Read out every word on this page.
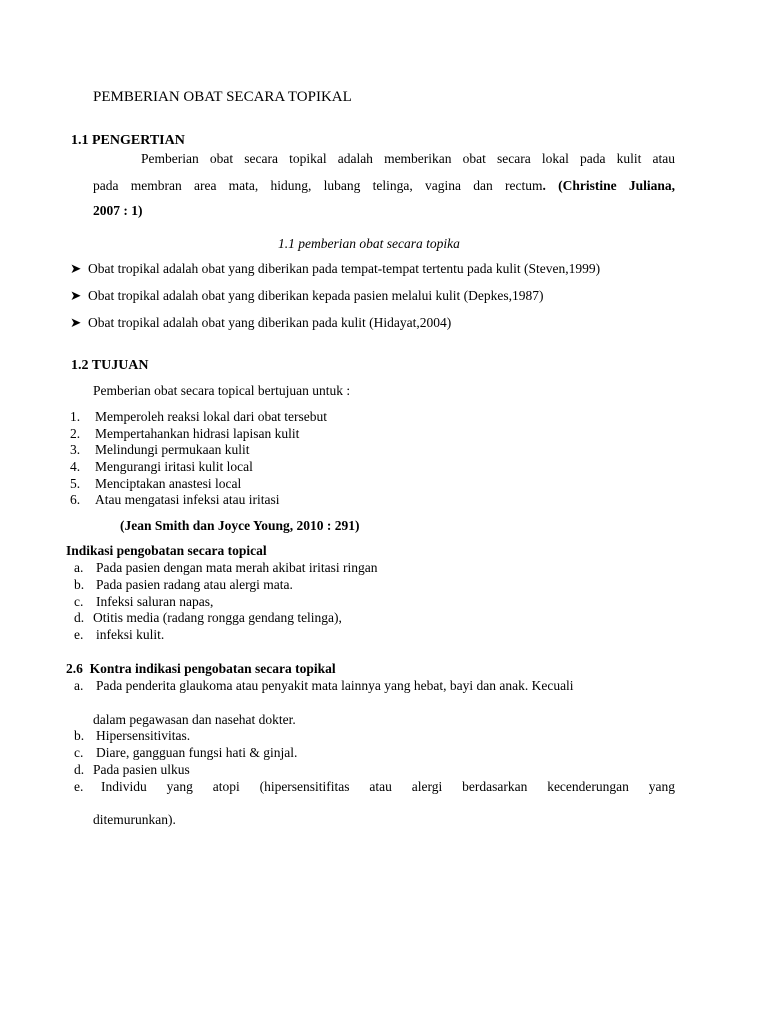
PEMBERIAN OBAT SECARA TOPIKAL
1.1 PENGERTIAN
Pemberian obat secara topikal adalah memberikan obat secara lokal pada kulit atau
pada membran area mata, hidung, lubang telinga, vagina dan rectum. (Christine Juliana,
2007 : 1)
1.1 pemberian obat secara topika
➤ Obat tropikal adalah obat yang diberikan pada tempat-tempat tertentu pada kulit (Steven,1999)
➤ Obat tropikal adalah obat yang diberikan kepada pasien melalui kulit (Depkes,1987)
➤ Obat tropikal adalah obat yang diberikan pada kulit (Hidayat,2004)
1.2 TUJUAN
Pemberian obat secara topical bertujuan untuk :
1. Memperoleh reaksi lokal dari obat tersebut
2. Mempertahankan hidrasi lapisan kulit
3. Melindungi permukaan kulit
4. Mengurangi iritasi kulit local
5. Menciptakan anastesi local
6. Atau mengatasi infeksi atau iritasi
(Jean Smith dan Joyce Young, 2010 : 291)
Indikasi pengobatan secara topical
a. Pada pasien dengan mata merah akibat iritasi ringan
b. Pada pasien radang atau alergi mata.
c. Infeksi saluran napas,
d. Otitis media (radang rongga gendang telinga),
e. infeksi kulit.
2.6 Kontra indikasi pengobatan secara topikal
a. Pada penderita glaukoma atau penyakit mata lainnya yang hebat, bayi dan anak. Kecuali
dalam pegawasan dan nasehat dokter.
b. Hipersensitivitas.
c. Diare, gangguan fungsi hati & ginjal.
d. Pada pasien ulkus
e. Individu yang atopi (hipersensitifitas atau alergi berdasarkan kecenderungan yang
ditemurunkan).
